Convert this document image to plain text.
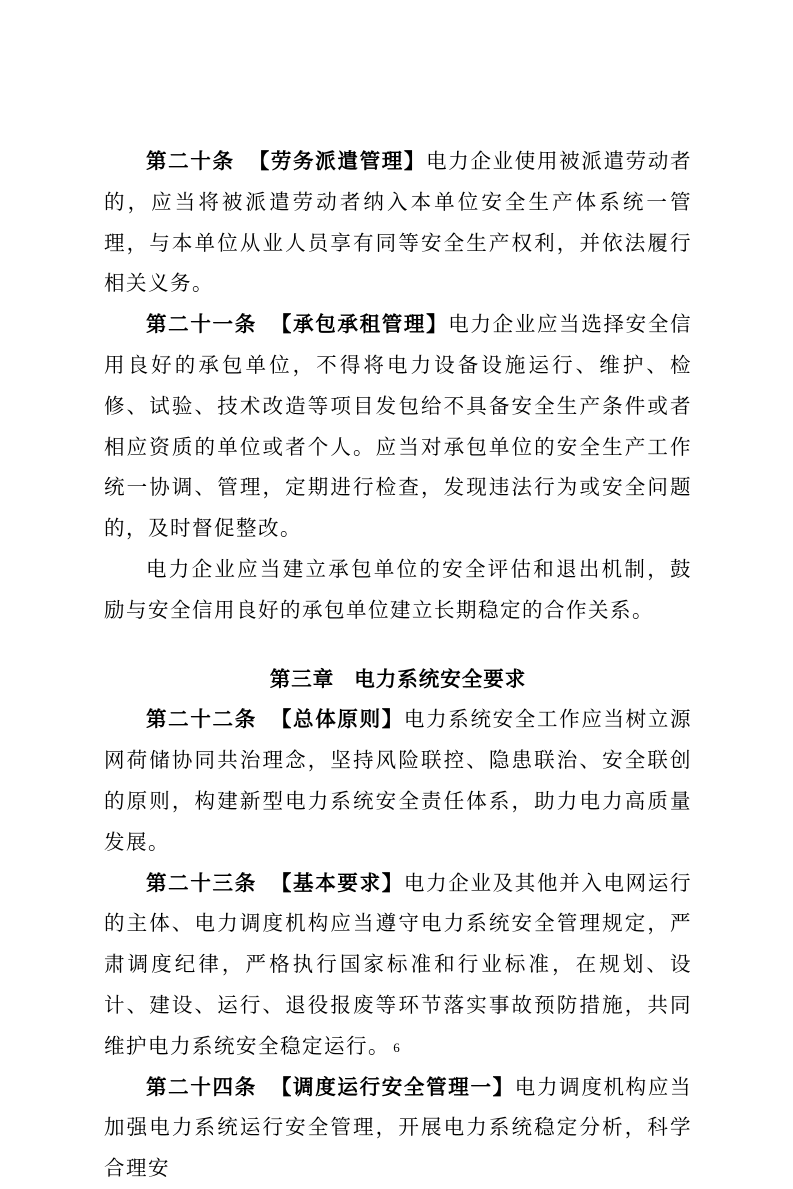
第二十条 【劳务派遣管理】电力企业使用被派遣劳动者的，应当将被派遣劳动者纳入本单位安全生产体系统一管理，与本单位从业人员享有同等安全生产权利，并依法履行相关义务。

第二十一条 【承包承租管理】电力企业应当选择安全信用良好的承包单位，不得将电力设备设施运行、维护、检修、试验、技术改造等项目发包给不具备安全生产条件或者相应资质的单位或者个人。应当对承包单位的安全生产工作统一协调、管理，定期进行检查，发现违法行为或安全问题的，及时督促整改。

电力企业应当建立承包单位的安全评估和退出机制，鼓励与安全信用良好的承包单位建立长期稳定的合作关系。

第三章 电力系统安全要求

第二十二条 【总体原则】电力系统安全工作应当树立源网荷储协同共治理念，坚持风险联控、隐患联治、安全联创的原则，构建新型电力系统安全责任体系，助力电力高质量发展。

第二十三条 【基本要求】电力企业及其他并入电网运行的主体、电力调度机构应当遵守电力系统安全管理规定，严肃调度纪律，严格执行国家标准和行业标准，在规划、设计、建设、运行、退役报废等环节落实事故预防措施，共同维护电力系统安全稳定运行。

第二十四条 【调度运行安全管理一】电力调度机构应当加强电力系统运行安全管理，开展电力系统稳定分析，科学合理安

6
